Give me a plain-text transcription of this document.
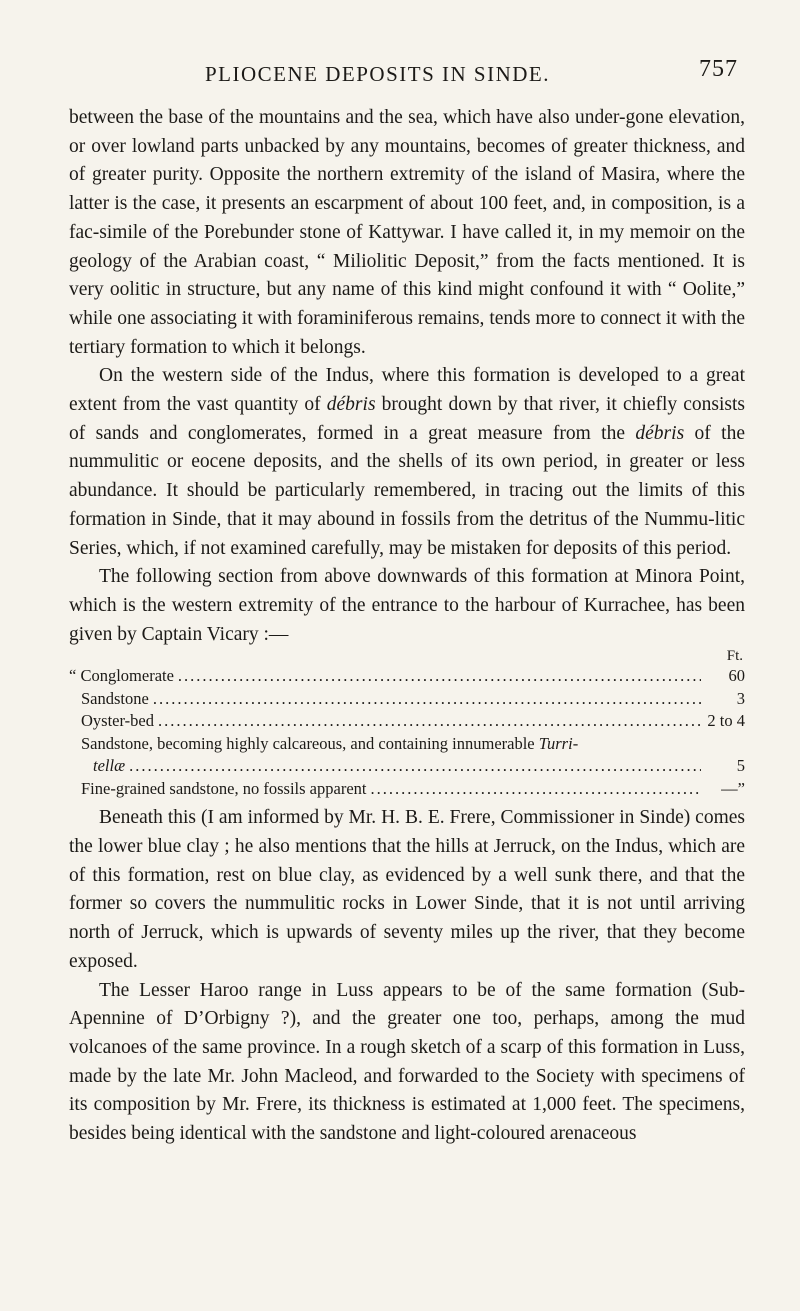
PLIOCENE DEPOSITS IN SINDE.	757

between the base of the mountains and the sea, which have also under-gone elevation, or over lowland parts unbacked by any mountains, becomes of greater thickness, and of greater purity. Opposite the northern extremity of the island of Masira, where the latter is the case, it presents an escarpment of about 100 feet, and, in composition, is a fac-simile of the Porebunder stone of Kattywar. I have called it, in my memoir on the geology of the Arabian coast, “ Miliolitic Deposit,” from the facts mentioned. It is very oolitic in structure, but any name of this kind might confound it with “ Oolite,” while one associating it with foraminiferous remains, tends more to connect it with the tertiary formation to which it belongs.

On the western side of the Indus, where this formation is developed to a great extent from the vast quantity of débris brought down by that river, it chiefly consists of sands and conglomerates, formed in a great measure from the débris of the nummulitic or eocene deposits, and the shells of its own period, in greater or less abundance. It should be particularly remembered, in tracing out the limits of this formation in Sinde, that it may abound in fossils from the detritus of the Nummu-litic Series, which, if not examined carefully, may be mistaken for deposits of this period.

The following section from above downwards of this formation at Minora Point, which is the western extremity of the entrance to the harbour of Kurrachee, has been given by Captain Vicary :—

Ft.
“ Conglomerate .....	60
Sandstone .....	3
Oyster-bed .....	2 to 4
Sandstone, becoming highly calcareous, and containing innumerable Turri-
tellæ .....	5
Fine-grained sandstone, no fossils apparent .....	—”

Beneath this (I am informed by Mr. H. B. E. Frere, Commissioner in Sinde) comes the lower blue clay ; he also mentions that the hills at Jerruck, on the Indus, which are of this formation, rest on blue clay, as evidenced by a well sunk there, and that the former so covers the nummulitic rocks in Lower Sinde, that it is not until arriving north of Jerruck, which is upwards of seventy miles up the river, that they become exposed.

The Lesser Haroo range in Luss appears to be of the same formation (Sub-Apennine of D’Orbigny ?), and the greater one too, perhaps, among the mud volcanoes of the same province. In a rough sketch of a scarp of this formation in Luss, made by the late Mr. John Macleod, and forwarded to the Society with specimens of its composition by Mr. Frere, its thickness is estimated at 1,000 feet. The specimens, besides being identical with the sandstone and light-coloured arenaceous
